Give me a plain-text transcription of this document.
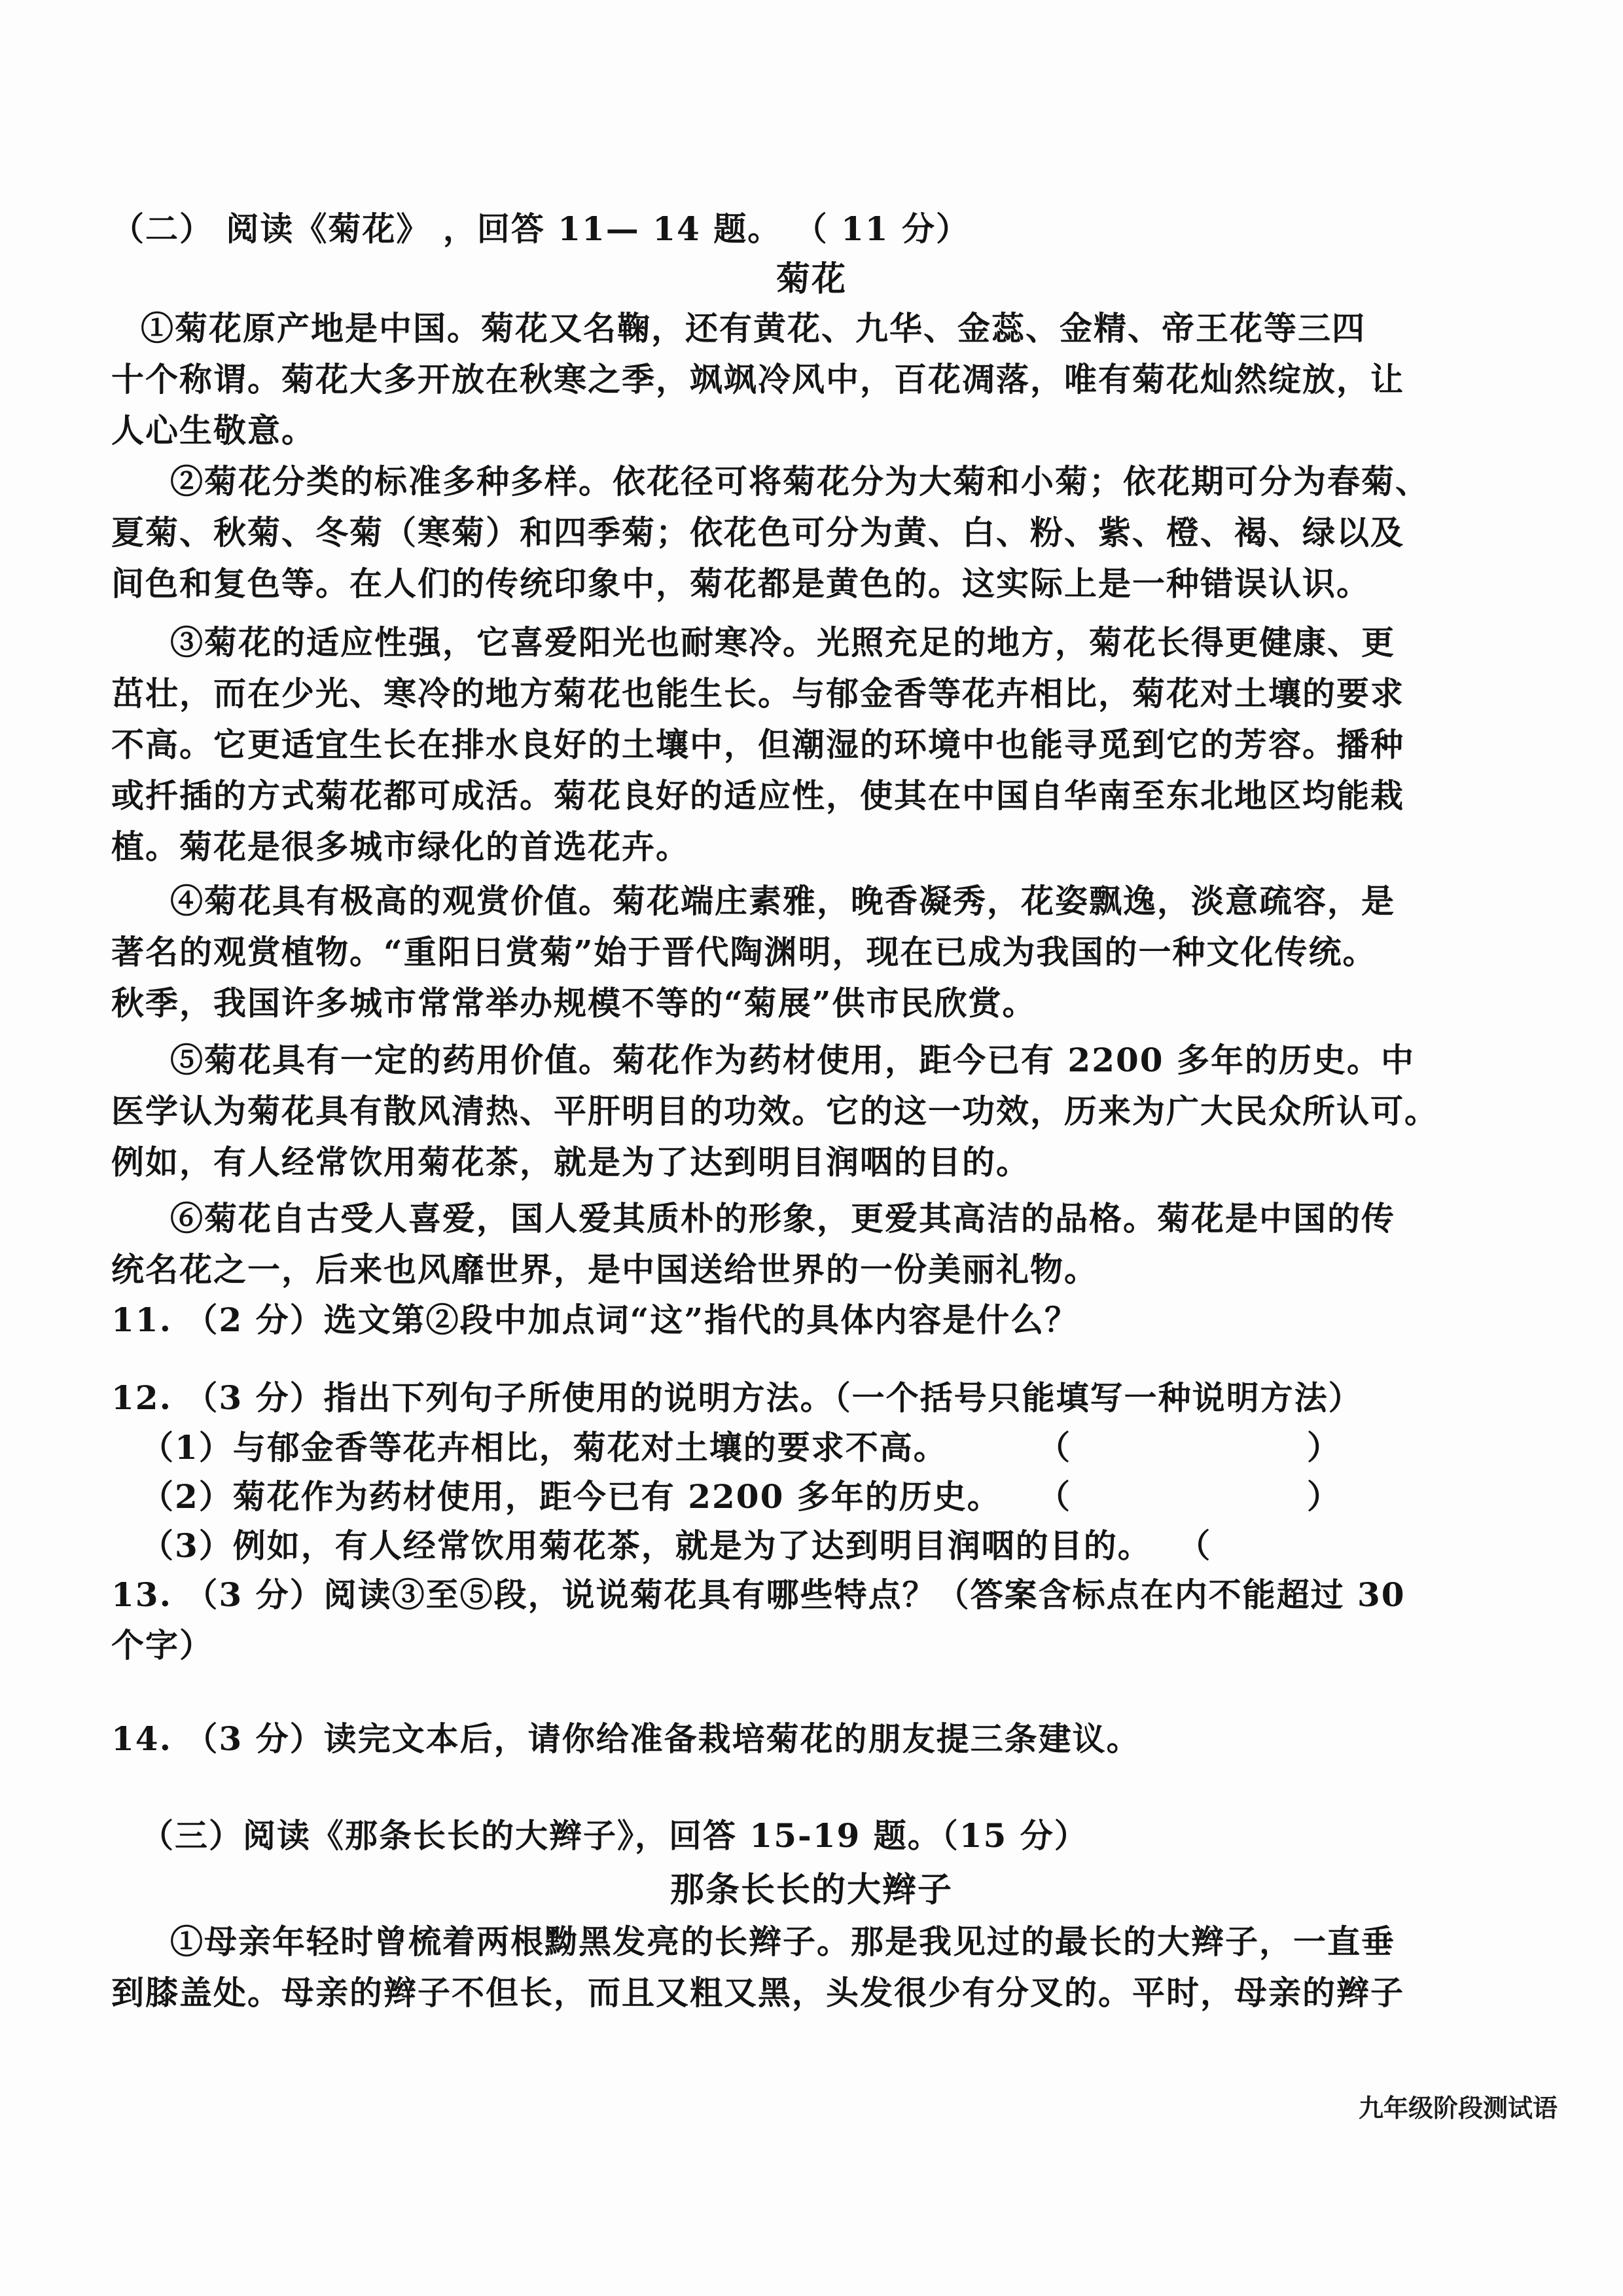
（二） 阅读《菊花》 ，回答 11— 14 题。 （ 11 分）
菊花
①菊花原产地是中国。菊花又名鞠，还有黄花、九华、金蕊、金精、帝王花等三四
十个称谓。菊花大多开放在秋寒之季，飒飒冷风中，百花凋落，唯有菊花灿然绽放，让
人心生敬意。
②菊花分类的标准多种多样。依花径可将菊花分为大菊和小菊；依花期可分为春菊、
夏菊、秋菊、冬菊（寒菊）和四季菊；依花色可分为黄、白、粉、紫、橙、褐、绿以及
间色和复色等。在人们的传统印象中，菊花都是黄色的。这实际上是一种错误认识。
③菊花的适应性强，它喜爱阳光也耐寒冷。光照充足的地方，菊花长得更健康、更
茁壮，而在少光、寒冷的地方菊花也能生长。与郁金香等花卉相比，菊花对土壤的要求
不高。它更适宜生长在排水良好的土壤中，但潮湿的环境中也能寻觅到它的芳容。播种
或扦插的方式菊花都可成活。菊花良好的适应性，使其在中国自华南至东北地区均能栽
植。菊花是很多城市绿化的首选花卉。
④菊花具有极高的观赏价值。菊花端庄素雅，晚香凝秀，花姿飘逸，淡意疏容，是
著名的观赏植物。“重阳日赏菊”始于晋代陶渊明，现在已成为我国的一种文化传统。
秋季，我国许多城市常常举办规模不等的“菊展”供市民欣赏。
⑤菊花具有一定的药用价值。菊花作为药材使用，距今已有 2200 多年的历史。中
医学认为菊花具有散风清热、平肝明目的功效。它的这一功效，历来为广大民众所认可。
例如，有人经常饮用菊花茶，就是为了达到明目润咽的目的。
⑥菊花自古受人喜爱，国人爱其质朴的形象，更爱其高洁的品格。菊花是中国的传
统名花之一，后来也风靡世界，是中国送给世界的一份美丽礼物。
11. （2 分）选文第②段中加点词“这”指代的具体内容是什么？
12. （3 分）指出下列句子所使用的说明方法。（一个括号只能填写一种说明方法）
（1）与郁金香等花卉相比，菊花对土壤的要求不高。	（	）
（2）菊花作为药材使用，距今已有 2200 多年的历史。 （	）
（3）例如，有人经常饮用菊花茶，就是为了达到明目润咽的目的。 （
13. （3 分）阅读③至⑤段，说说菊花具有哪些特点？（答案含标点在内不能超过 30
个字）
14. （3 分）读完文本后，请你给准备栽培菊花的朋友提三条建议。
（三）阅读《那条长长的大辫子》，回答 15-19 题。（15 分）
那条长长的大辫子
①母亲年轻时曾梳着两根黝黑发亮的长辫子。那是我见过的最长的大辫子，一直垂
到膝盖处。母亲的辫子不但长，而且又粗又黑，头发很少有分叉的。平时，母亲的辫子
九年级阶段测试语
